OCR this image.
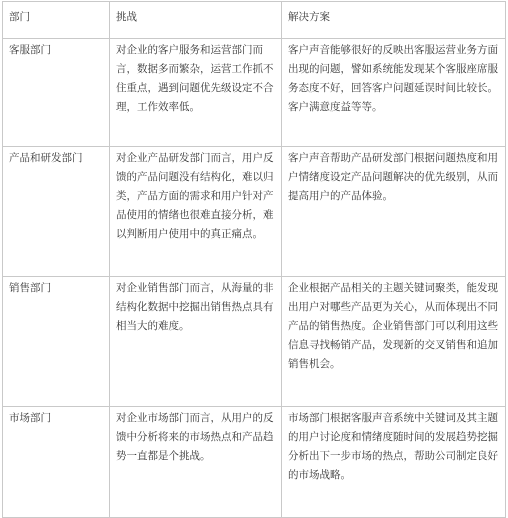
部门	挑战	解决方案
客服部门	对企业的客户服务和运营部门而言，数据多而繁杂，运营工作抓不住重点，遇到问题优先级设定不合理，工作效率低。	客户声音能够很好的反映出客服运营业务方面出现的问题，譬如系统能发现某个客服座席服务态度不好，回答客户问题延误时间比较长。客户满意度益等等。
产品和研发部门	对企业产品研发部门而言，用户反馈的产品问题没有结构化，难以归类，产品方面的需求和用户针对产品使用的情绪也很难直接分析，难以判断用户使用中的真正痛点。	客户声音帮助产品研发部门根据问题热度和用户情绪度设定产品问题解决的优先级别，从而提高用户的产品体验。
销售部门	对企业销售部门而言，从海量的非结构化数据中挖掘出销售热点具有相当大的难度。	企业根据产品相关的主题关键词聚类，能发现出用户对哪些产品更为关心，从而体现出不同产品的销售热度。企业销售部门可以利用这些信息寻找畅销产品，发现新的交叉销售和追加销售机会。
市场部门	对企业市场部门而言，从用户的反馈中分析将来的市场热点和产品趋势一直都是个挑战。	市场部门根据客服声音系统中关键词及其主题的用户讨论度和情绪度随时间的发展趋势挖掘分析出下一步市场的热点，帮助公司制定良好的市场战略。
